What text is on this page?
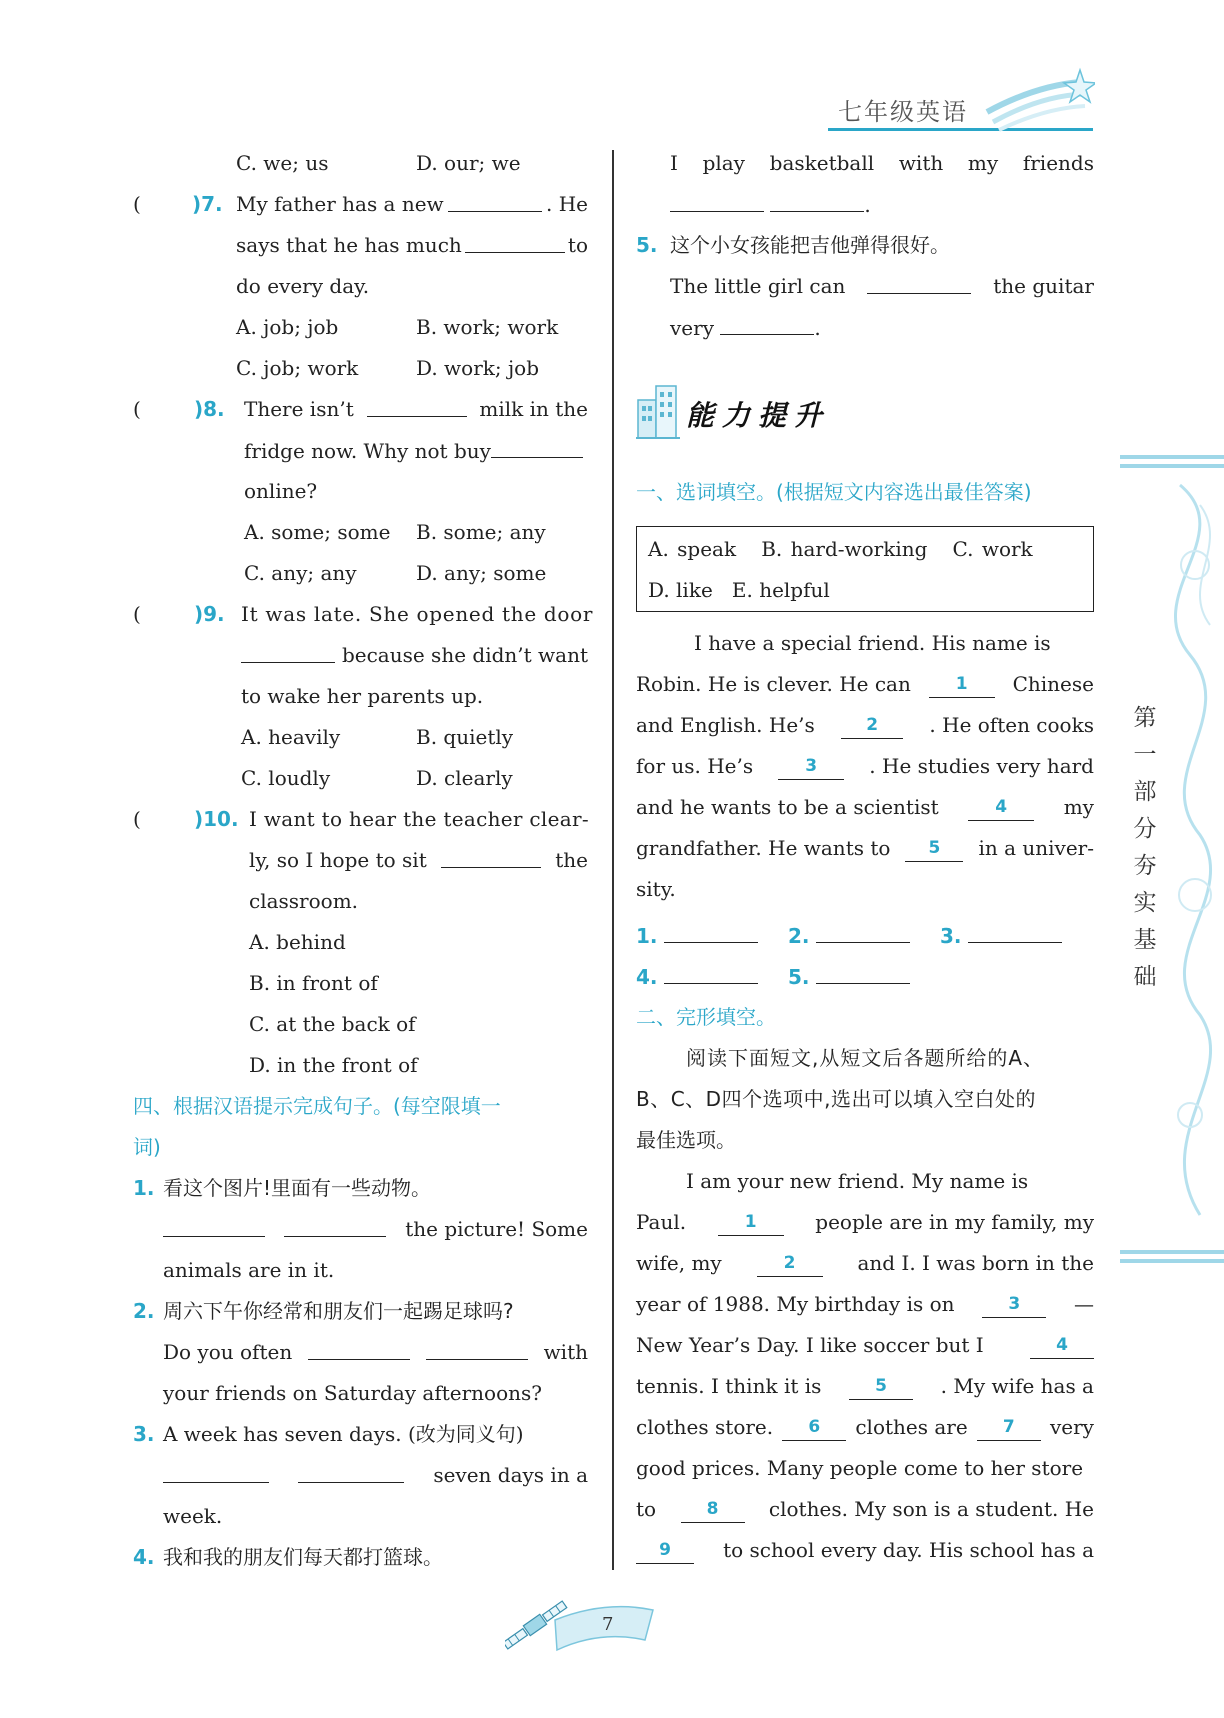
七年级英语
第
一
部
分
夯
实
基
础
C. we; us	D. our; we
(	)7. My father has a new	. He
says that he has much	to
do every day.
A. job; job	B. work; work
C. job; work	D. work; job
(	)8. There isn’t	milk in the
fridge now. Why not buy
online?
A. some; some B. some; any
C. any; any	D. any; some
(	)9. It was late. She opened the door
because she didn’t want
to wake her parents up.
A. heavily	B. quietly
C. loudly	D. clearly
(	)10. I want to hear the teacher clear-
ly, so I hope to sit	the
classroom.
A. behind
B. in front of
C. at the back of
D. in the front of
四、根据汉语提示完成句子。(每空限填一
词)
1. 看这个图片!里面有一些动物。
the picture! Some
animals are in it.
2. 周六下午你经常和朋友们一起踢足球吗?
Do you often	with
your friends on Saturday afternoons?
3. A week has seven days. (改为同义句)
seven days in a
week.
4. 我和我的朋友们每天都打篮球。
I play basketball with my friends
.
5. 这个小女孩能把吉他弹得很好。
The little girl can	the guitar
very	.
能力提升
一、选词填空。(根据短文内容选出最佳答案)
A. speak B. hard-working C. work
D. like E. helpful
I have a special friend. His name is
Robin. He is clever. He can	1	Chinese
and English. He’s	2	. He often cooks
for us. He’s	3	. He studies very hard
and he wants to be a scientist	4	my
grandfather. He wants to	5	in a univer-
sity.
1.	2.	3.
4.	5.
二、完形填空。
阅读下面短文,从短文后各题所给的A、
B、C、D四个选项中,选出可以填入空白处的
最佳选项。
I am your new friend. My name is
Paul.	1	people are in my family, my
wife, my	2	and I. I was born in the
year of 1988. My birthday is on	3	—
New Year’s Day. I like soccer but I	4
tennis. I think it is	5	. My wife has a
clothes store.	6	clothes are	7	very
good prices. Many people come to her store
to	8	clothes. My son is a student. He
9	to school every day. His school has a
7
